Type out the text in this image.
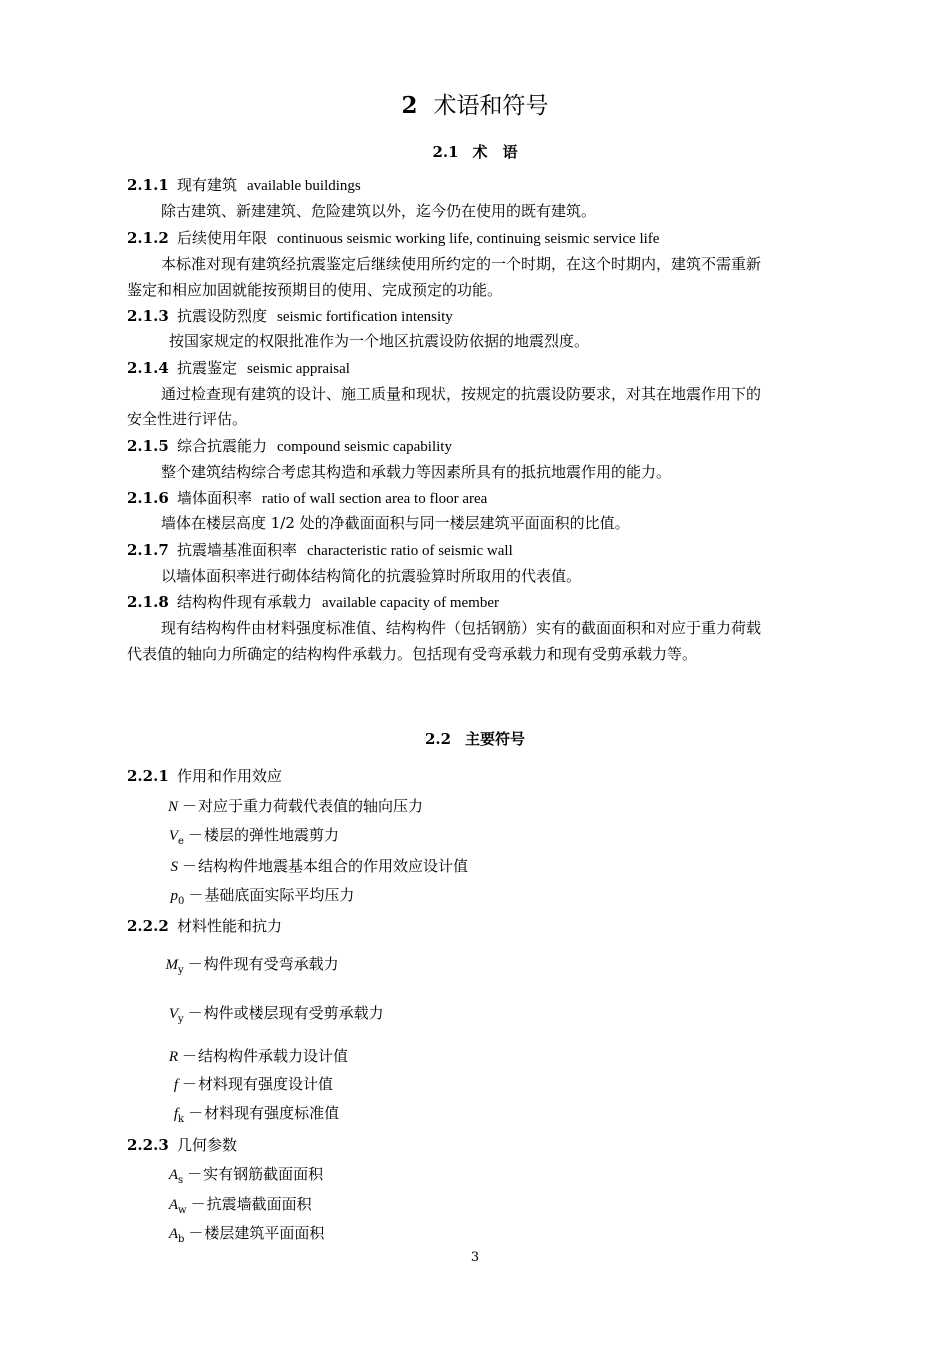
2 术语和符号
2.1 术　语
2.1.1 现有建筑 available buildings
除古建筑、新建建筑、危险建筑以外，迄今仍在使用的既有建筑。
2.1.2 后续使用年限 continuous seismic working life, continuing seismic service life
本标准对现有建筑经抗震鉴定后继续使用所约定的一个时期，在这个时期内，建筑不需重新
鉴定和相应加固就能按预期目的使用、完成预定的功能。
2.1.3 抗震设防烈度 seismic fortification intensity
按国家规定的权限批准作为一个地区抗震设防依据的地震烈度。
2.1.4 抗震鉴定 seismic appraisal
通过检查现有建筑的设计、施工质量和现状，按规定的抗震设防要求，对其在地震作用下的
安全性进行评估。
2.1.5 综合抗震能力 compound seismic capability
整个建筑结构综合考虑其构造和承载力等因素所具有的抵抗地震作用的能力。
2.1.6 墙体面积率 ratio of wall section area to floor area
墙体在楼层高度 1/2 处的净截面面积与同一楼层建筑平面面积的比值。
2.1.7 抗震墙基准面积率 characteristic ratio of seismic wall
以墙体面积率进行砌体结构简化的抗震验算时所取用的代表值。
2.1.8 结构构件现有承载力 available capacity of member
现有结构构件由材料强度标准值、结构构件（包括钢筋）实有的截面面积和对应于重力荷载
代表值的轴向力所确定的结构构件承载力。包括现有受弯承载力和现有受剪承载力等。
2.2 主要符号
2.2.1 作用和作用效应
N －对应于重力荷载代表值的轴向压力
$V_e$ －楼层的弹性地震剪力
S －结构构件地震基本组合的作用效应设计值
$p_0$ －基础底面实际平均压力
2.2.2 材料性能和抗力
$M_y$ －构件现有受弯承载力
$V_y$ －构件或楼层现有受剪承载力
R －结构构件承载力设计值
f －材料现有强度设计值
$f_k$ －材料现有强度标准值
2.2.3 几何参数
$A_s$ －实有钢筋截面面积
$A_w$ －抗震墙截面面积
$A_b$ －楼层建筑平面面积
3
